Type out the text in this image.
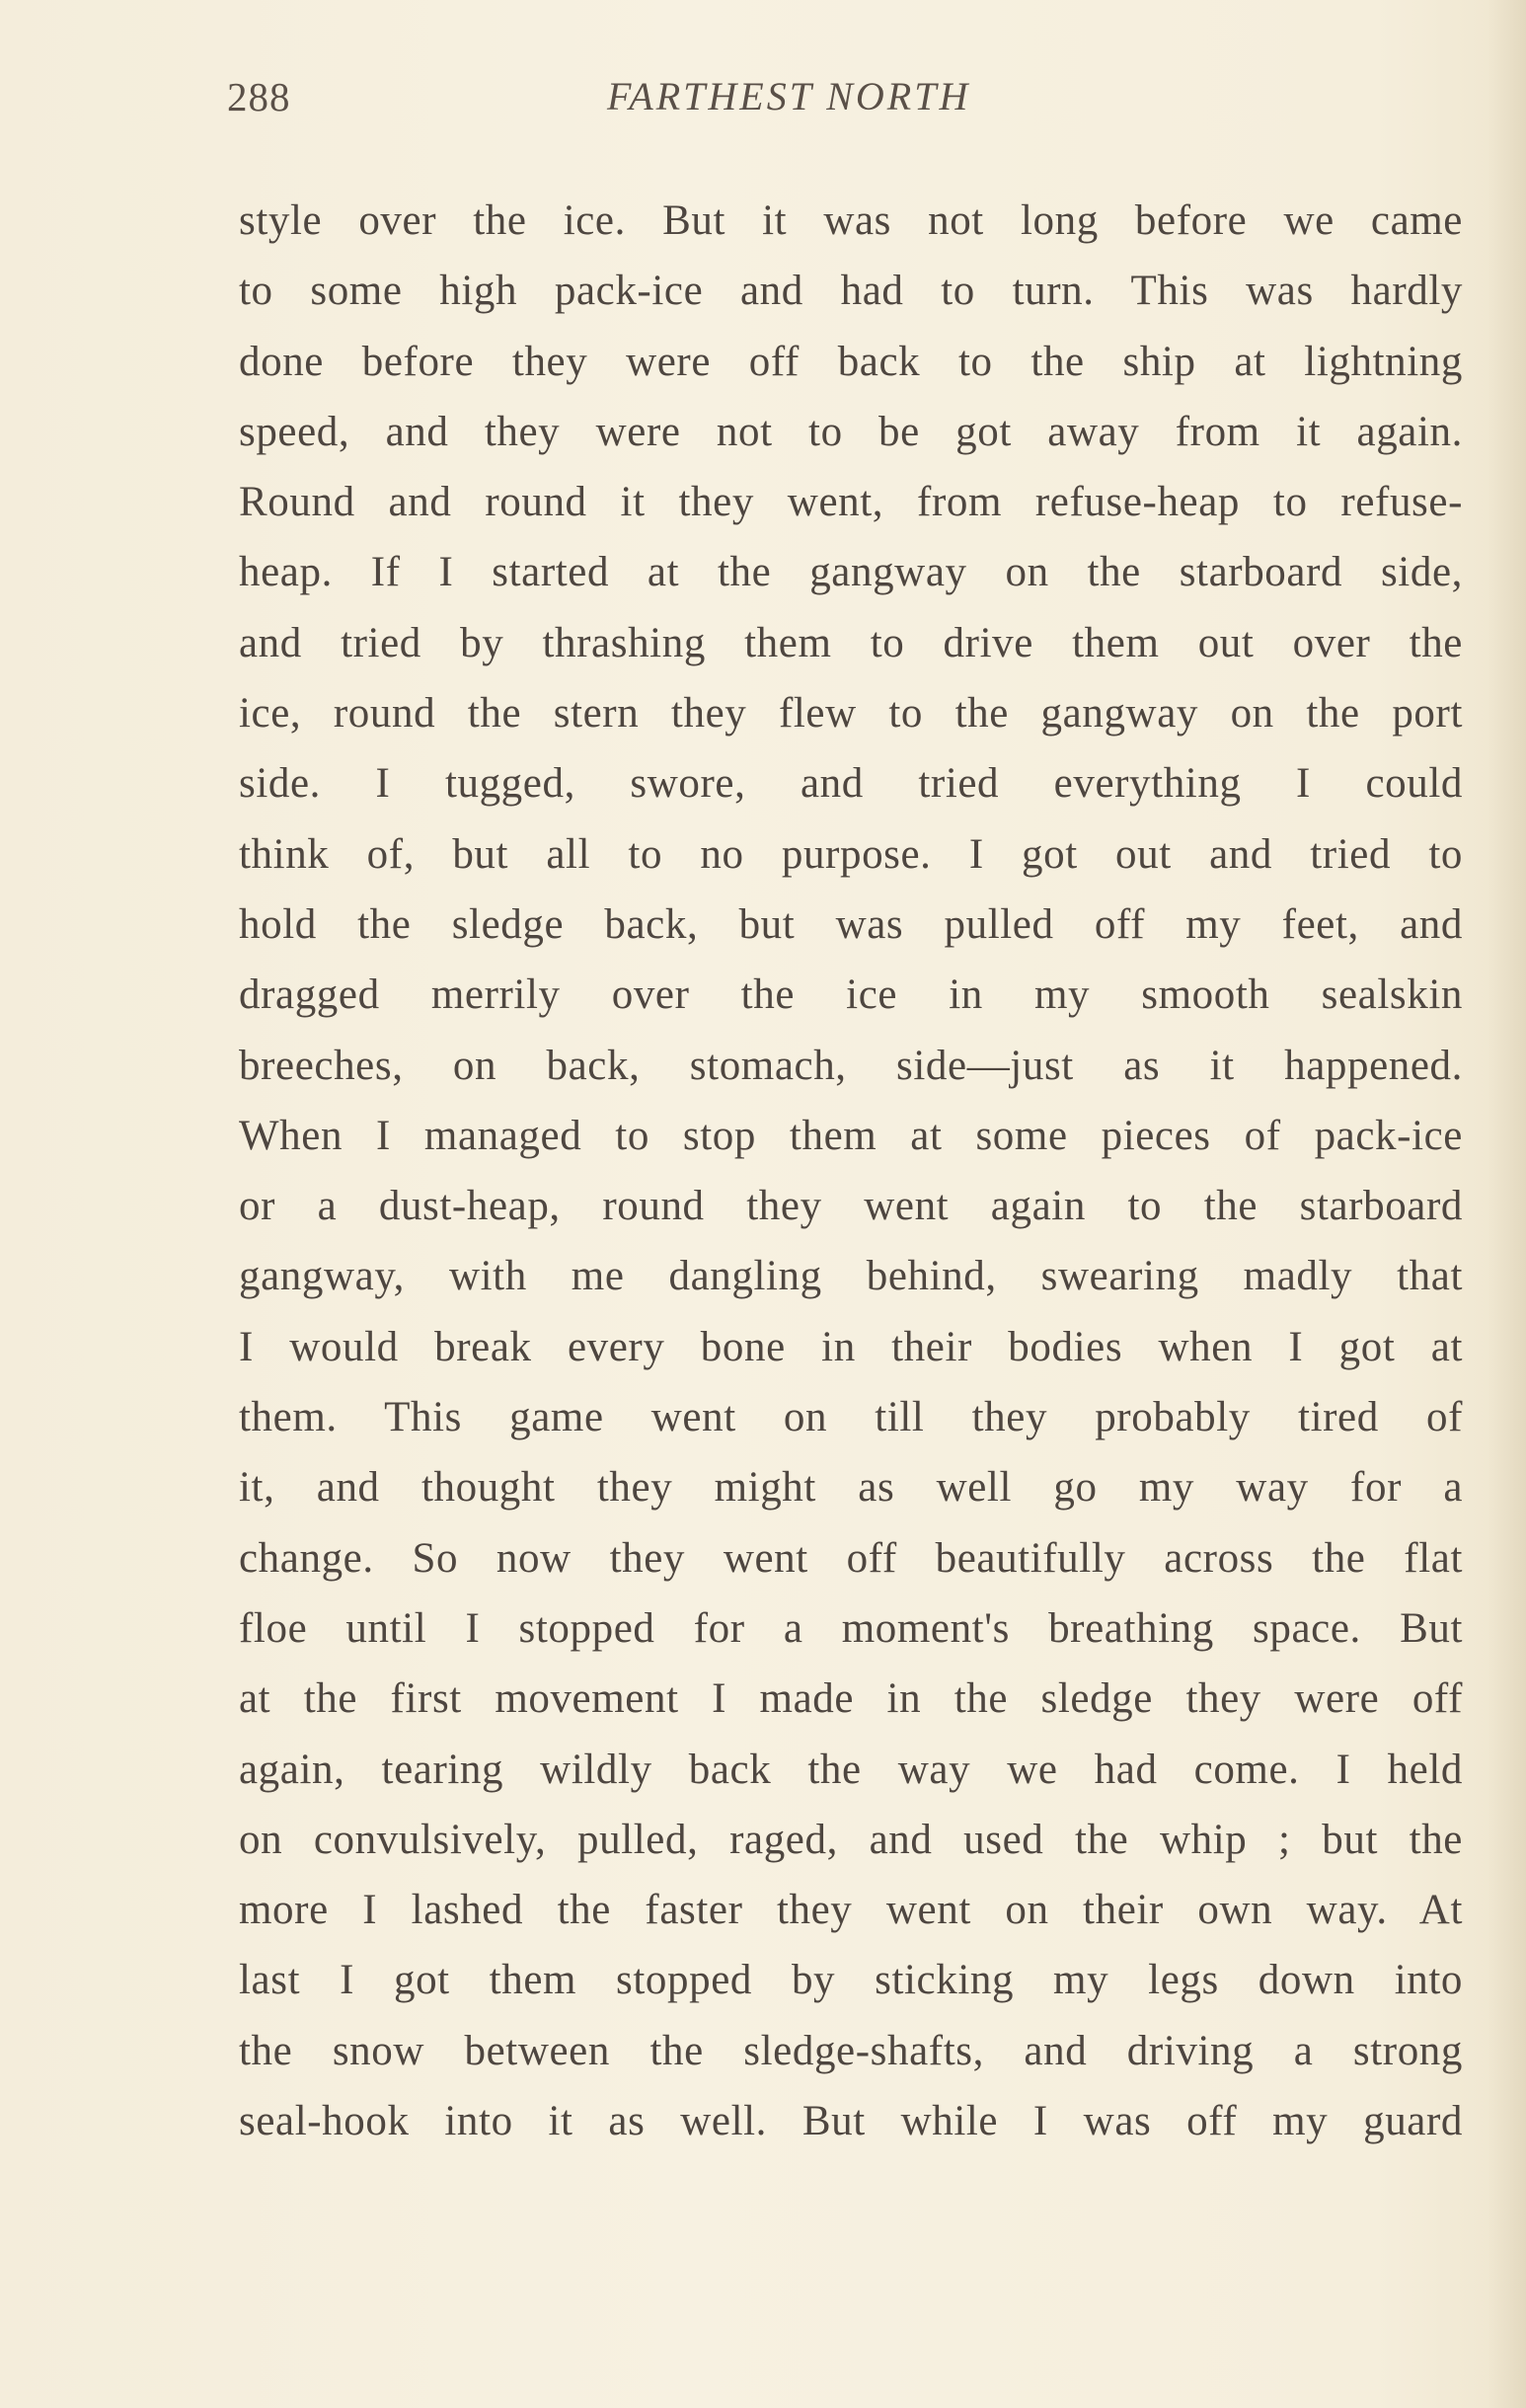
288	FARTHEST NORTH
style over the ice. But it was not long before we came
to some high pack-ice and had to turn. This was hardly
done before they were off back to the ship at lightning
speed, and they were not to be got away from it again.
Round and round it they went, from refuse-heap to refuse-
heap. If I started at the gangway on the starboard side,
and tried by thrashing them to drive them out over the
ice, round the stern they flew to the gangway on the port
side. I tugged, swore, and tried everything I could
think of, but all to no purpose. I got out and tried to
hold the sledge back, but was pulled off my feet, and
dragged merrily over the ice in my smooth sealskin
breeches, on back, stomach, side—just as it happened.
When I managed to stop them at some pieces of pack-ice
or a dust-heap, round they went again to the starboard
gangway, with me dangling behind, swearing madly that
I would break every bone in their bodies when I got at
them. This game went on till they probably tired of
it, and thought they might as well go my way for a
change. So now they went off beautifully across the flat
floe until I stopped for a moment's breathing space. But
at the first movement I made in the sledge they were off
again, tearing wildly back the way we had come. I held
on convulsively, pulled, raged, and used the whip ; but the
more I lashed the faster they went on their own way. At
last I got them stopped by sticking my legs down into
the snow between the sledge-shafts, and driving a strong
seal-hook into it as well. But while I was off my guard
